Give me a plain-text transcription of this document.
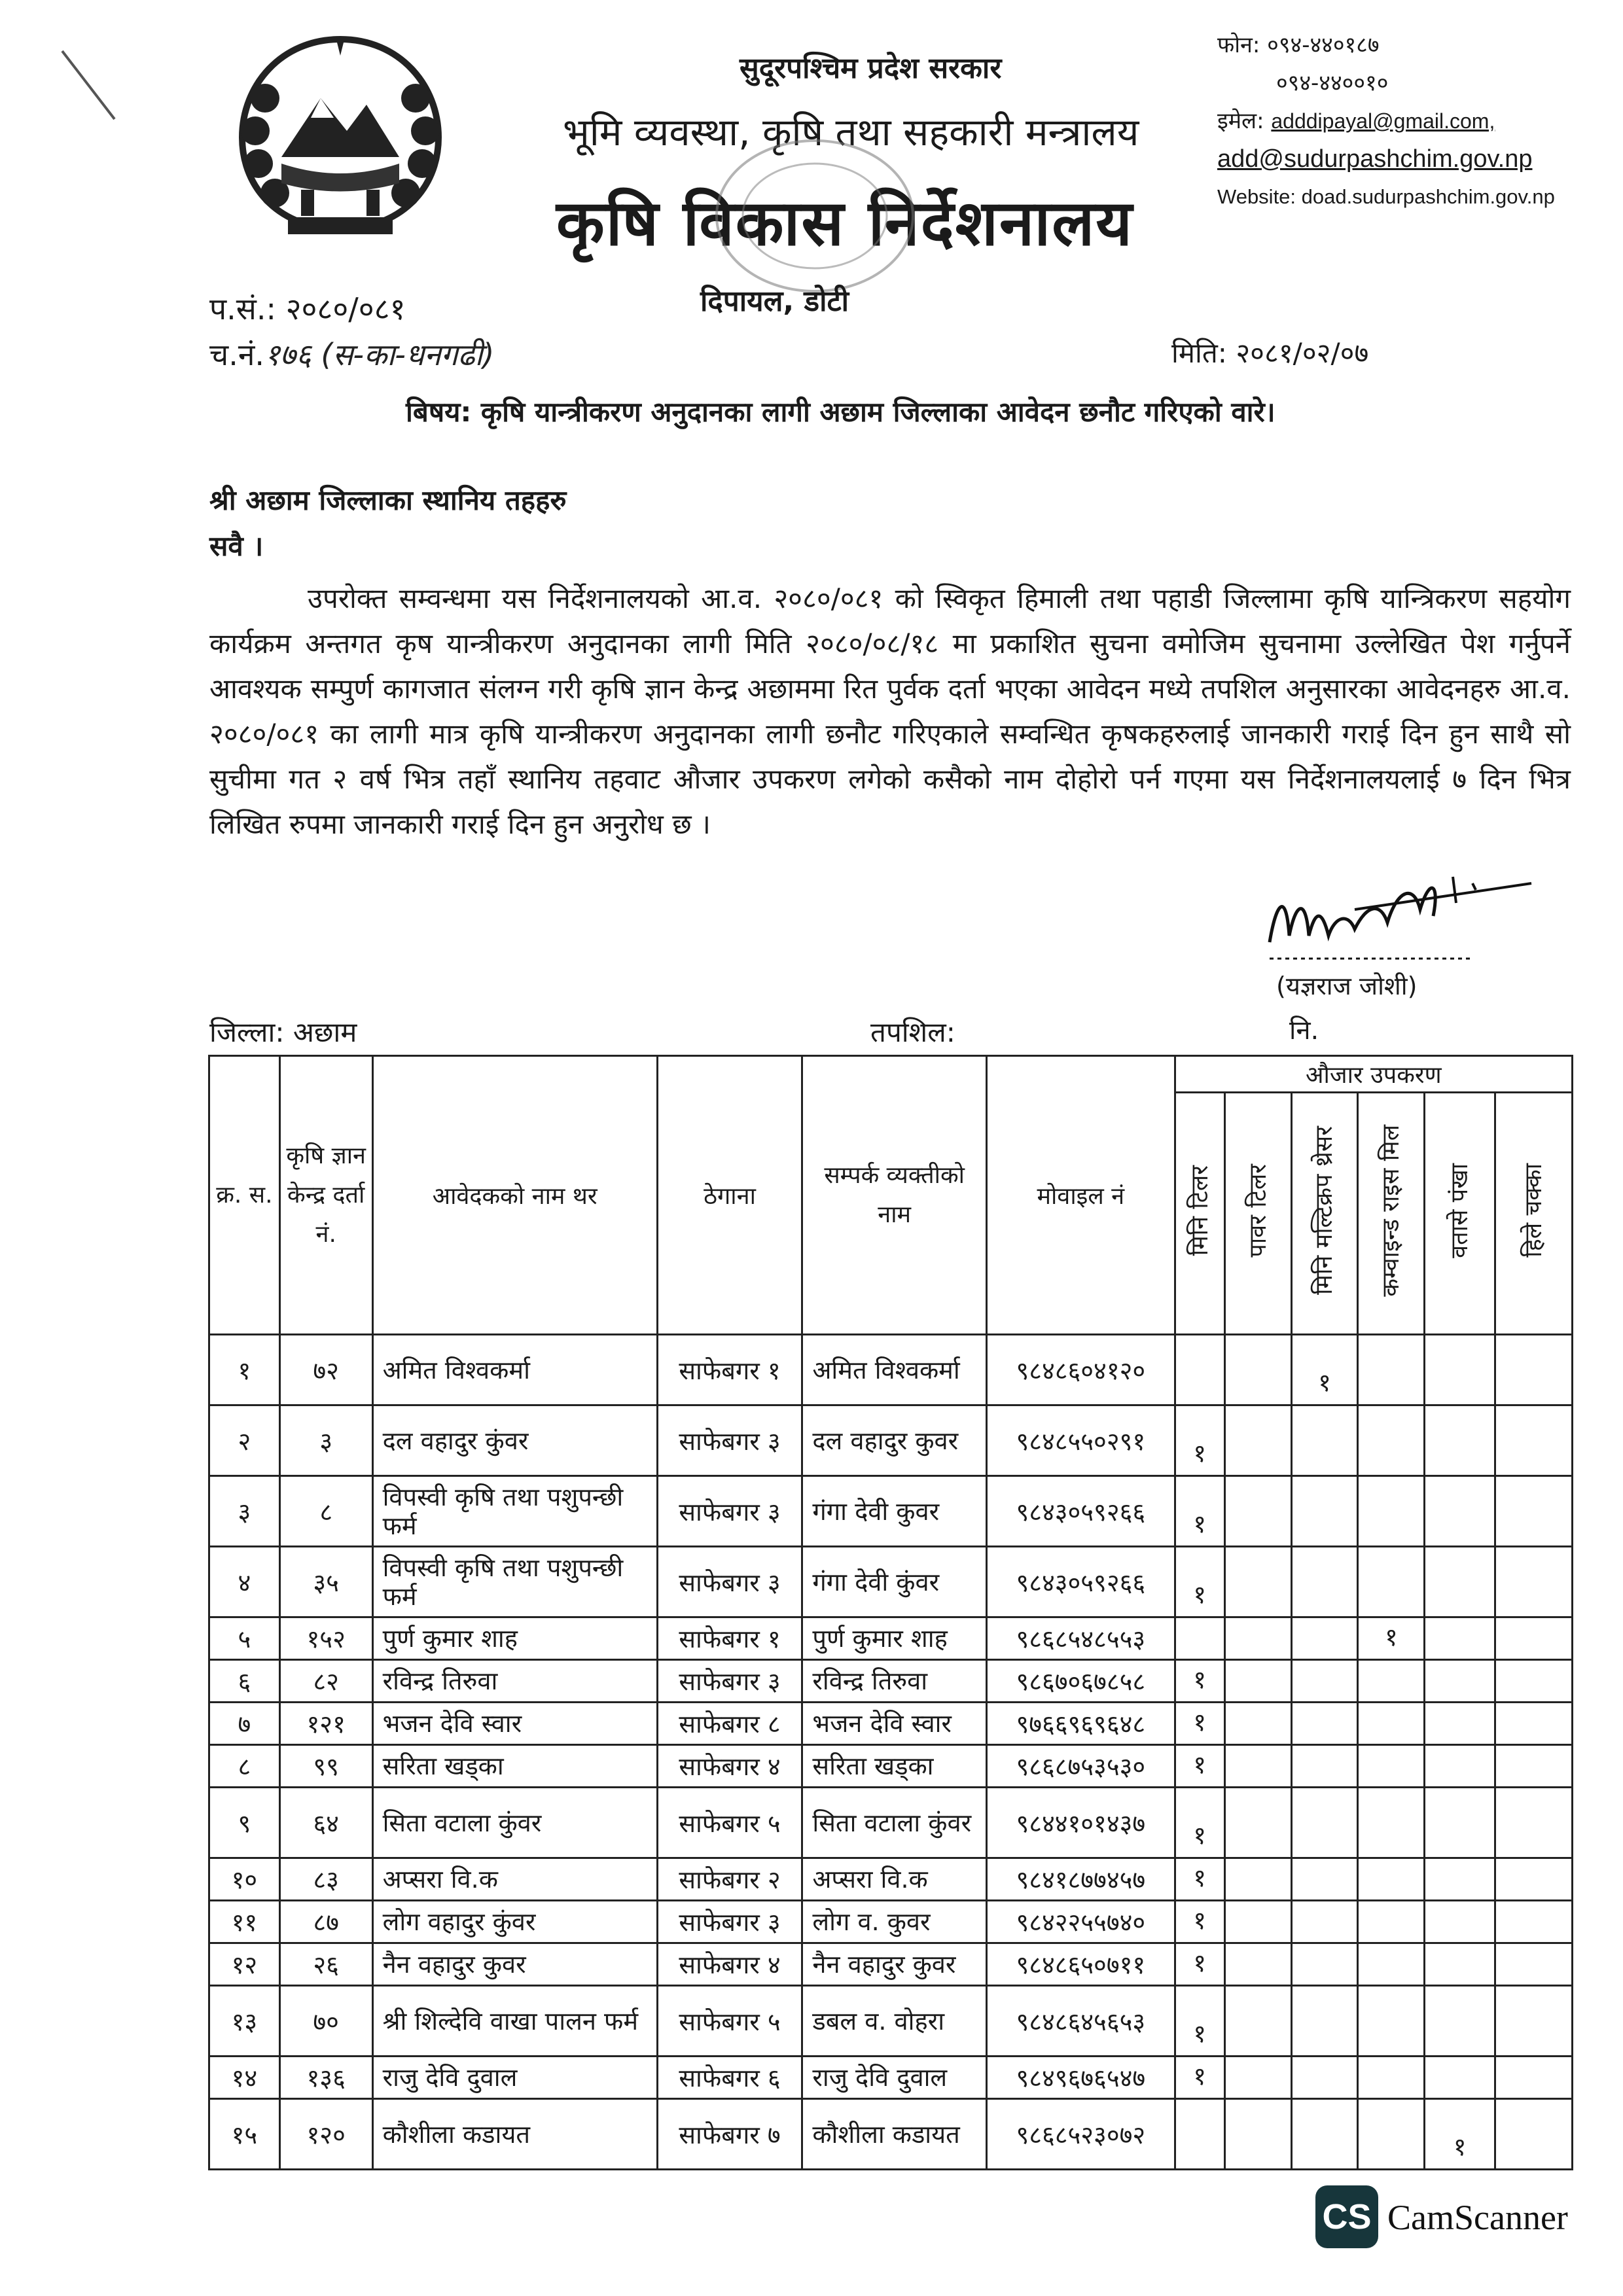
सुदूरपश्चिम प्रदेश सरकार
भूमि व्यवस्था, कृषि तथा सहकारी मन्त्रालय
कृषि विकास निर्देशनालय
दिपायल, डोटी
फोन: ०९४-४४०१८७
०९४-४४००१०
इमेल: adddipayal@gmail.com,
add@sudurpashchim.gov.np
Website: doad.sudurpashchim.gov.np
प.सं.: २०८०/०८१
च.नं.१७६ (स-का-धनगढी)	मिति: २०८१/०२/०७
बिषय: कृषि यान्त्रीकरण अनुदानका लागी अछाम जिल्लाका आवेदन छनौट गरिएको वारे।
श्री अछाम जिल्लाका स्थानिय तहहरु
सवै ।

उपरोक्त सम्वन्धमा यस निर्देशनालयको आ.व. २०८०/०८१ को स्विकृत हिमाली तथा पहाडी जिल्लामा कृषि यान्त्रिकरण सहयोग कार्यक्रम अन्तगत कृष यान्त्रीकरण अनुदानका लागी मिति २०८०/०८/१८ मा प्रकाशित सुचना वमोजिम सुचनामा उल्लेखित पेश गर्नुपर्ने आवश्यक सम्पुर्ण कागजात संलग्न गरी कृषि ज्ञान केन्द्र अछाममा रित पुर्वक दर्ता भएका आवेदन मध्ये तपशिल अनुसारका आवेदनहरु आ.व. २०८०/०८१ का लागी मात्र कृषि यान्त्रीकरण अनुदानका लागी छनौट गरिएकाले सम्वन्धित कृषकहरुलाई जानकारी गराई दिन हुन साथै सो सुचीमा गत २ वर्ष भित्र तहाँ स्थानिय तहवाट औजार उपकरण लगेको कसैको नाम दोहोरो पर्न गएमा यस निर्देशनालयलाई ७ दिन भित्र लिखित रुपमा जानकारी गराई दिन हुन अनुरोध छ ।

(यज्ञराज जोशी)
जिल्ला: अछाम	तपशिल:	नि.
क्र. स.	कृषि ज्ञान केन्द्र दर्ता नं.	आवेदकको नाम थर	ठेगाना	सम्पर्क व्यक्तीको नाम	मोवाइल नं	औजार उपकरण					
						मिनि टिलर	पावर टिलर	मिनि मल्टिक्रप थ्रेसर	कम्वाइन्ड राइस मिल	वतासे पंखा	हिले चक्का
१	७२	अमित विश्वकर्मा	साफेबगर १	अमित विश्वकर्मा	९८४८६०४१२०			१			
२	३	दल वहादुर कुंवर	साफेबगर ३	दल वहादुर कुवर	९८४८५५०२९१	१					
३	८	विपस्वी कृषि तथा पशुपन्छी फर्म	साफेबगर ३	गंगा देवी कुवर	९८४३०५९२६६	१					
४	३५	विपस्वी कृषि तथा पशुपन्छी फर्म	साफेबगर ३	गंगा देवी कुंवर	९८४३०५९२६६	१					
५	१५२	पुर्ण कुमार शाह	साफेबगर १	पुर्ण कुमार शाह	९८६८५४८५५३				१		
६	८२	रविन्द्र तिरुवा	साफेबगर ३	रविन्द्र तिरुवा	९८६७०६७८५८	१					
७	१२१	भजन देवि स्वार	साफेबगर ८	भजन देवि स्वार	९७६६९६९६४८	१					
८	९९	सरिता खड्का	साफेबगर ४	सरिता खड्का	९८६८७५३५३०	१					
९	६४	सिता वटाला कुंवर	साफेबगर ५	सिता वटाला कुंवर	९८४४१०१४३७	१					
१०	८३	अप्सरा वि.क	साफेबगर २	अप्सरा वि.क	९८४१८७७४५७	१					
११	८७	लोग वहादुर कुंवर	साफेबगर ३	लोग व. कुवर	९८४२२५५७४०	१					
१२	२६	नैन वहादुर कुवर	साफेबगर ४	नैन वहादुर कुवर	९८४८६५०७११	१					
१३	७०	श्री शिल्देवि वाखा पालन फर्म	साफेबगर ५	डबल व. वोहरा	९८४८६४५६५३	१					
१४	१३६	राजु देवि दुवाल	साफेबगर ६	राजु देवि दुवाल	९८४९६७६५४७	१					
१५	१२०	कौशीला कडायत	साफेबगर ७	कौशीला कडायत	९८६८५२३०७२					१	
CS CamScanner
